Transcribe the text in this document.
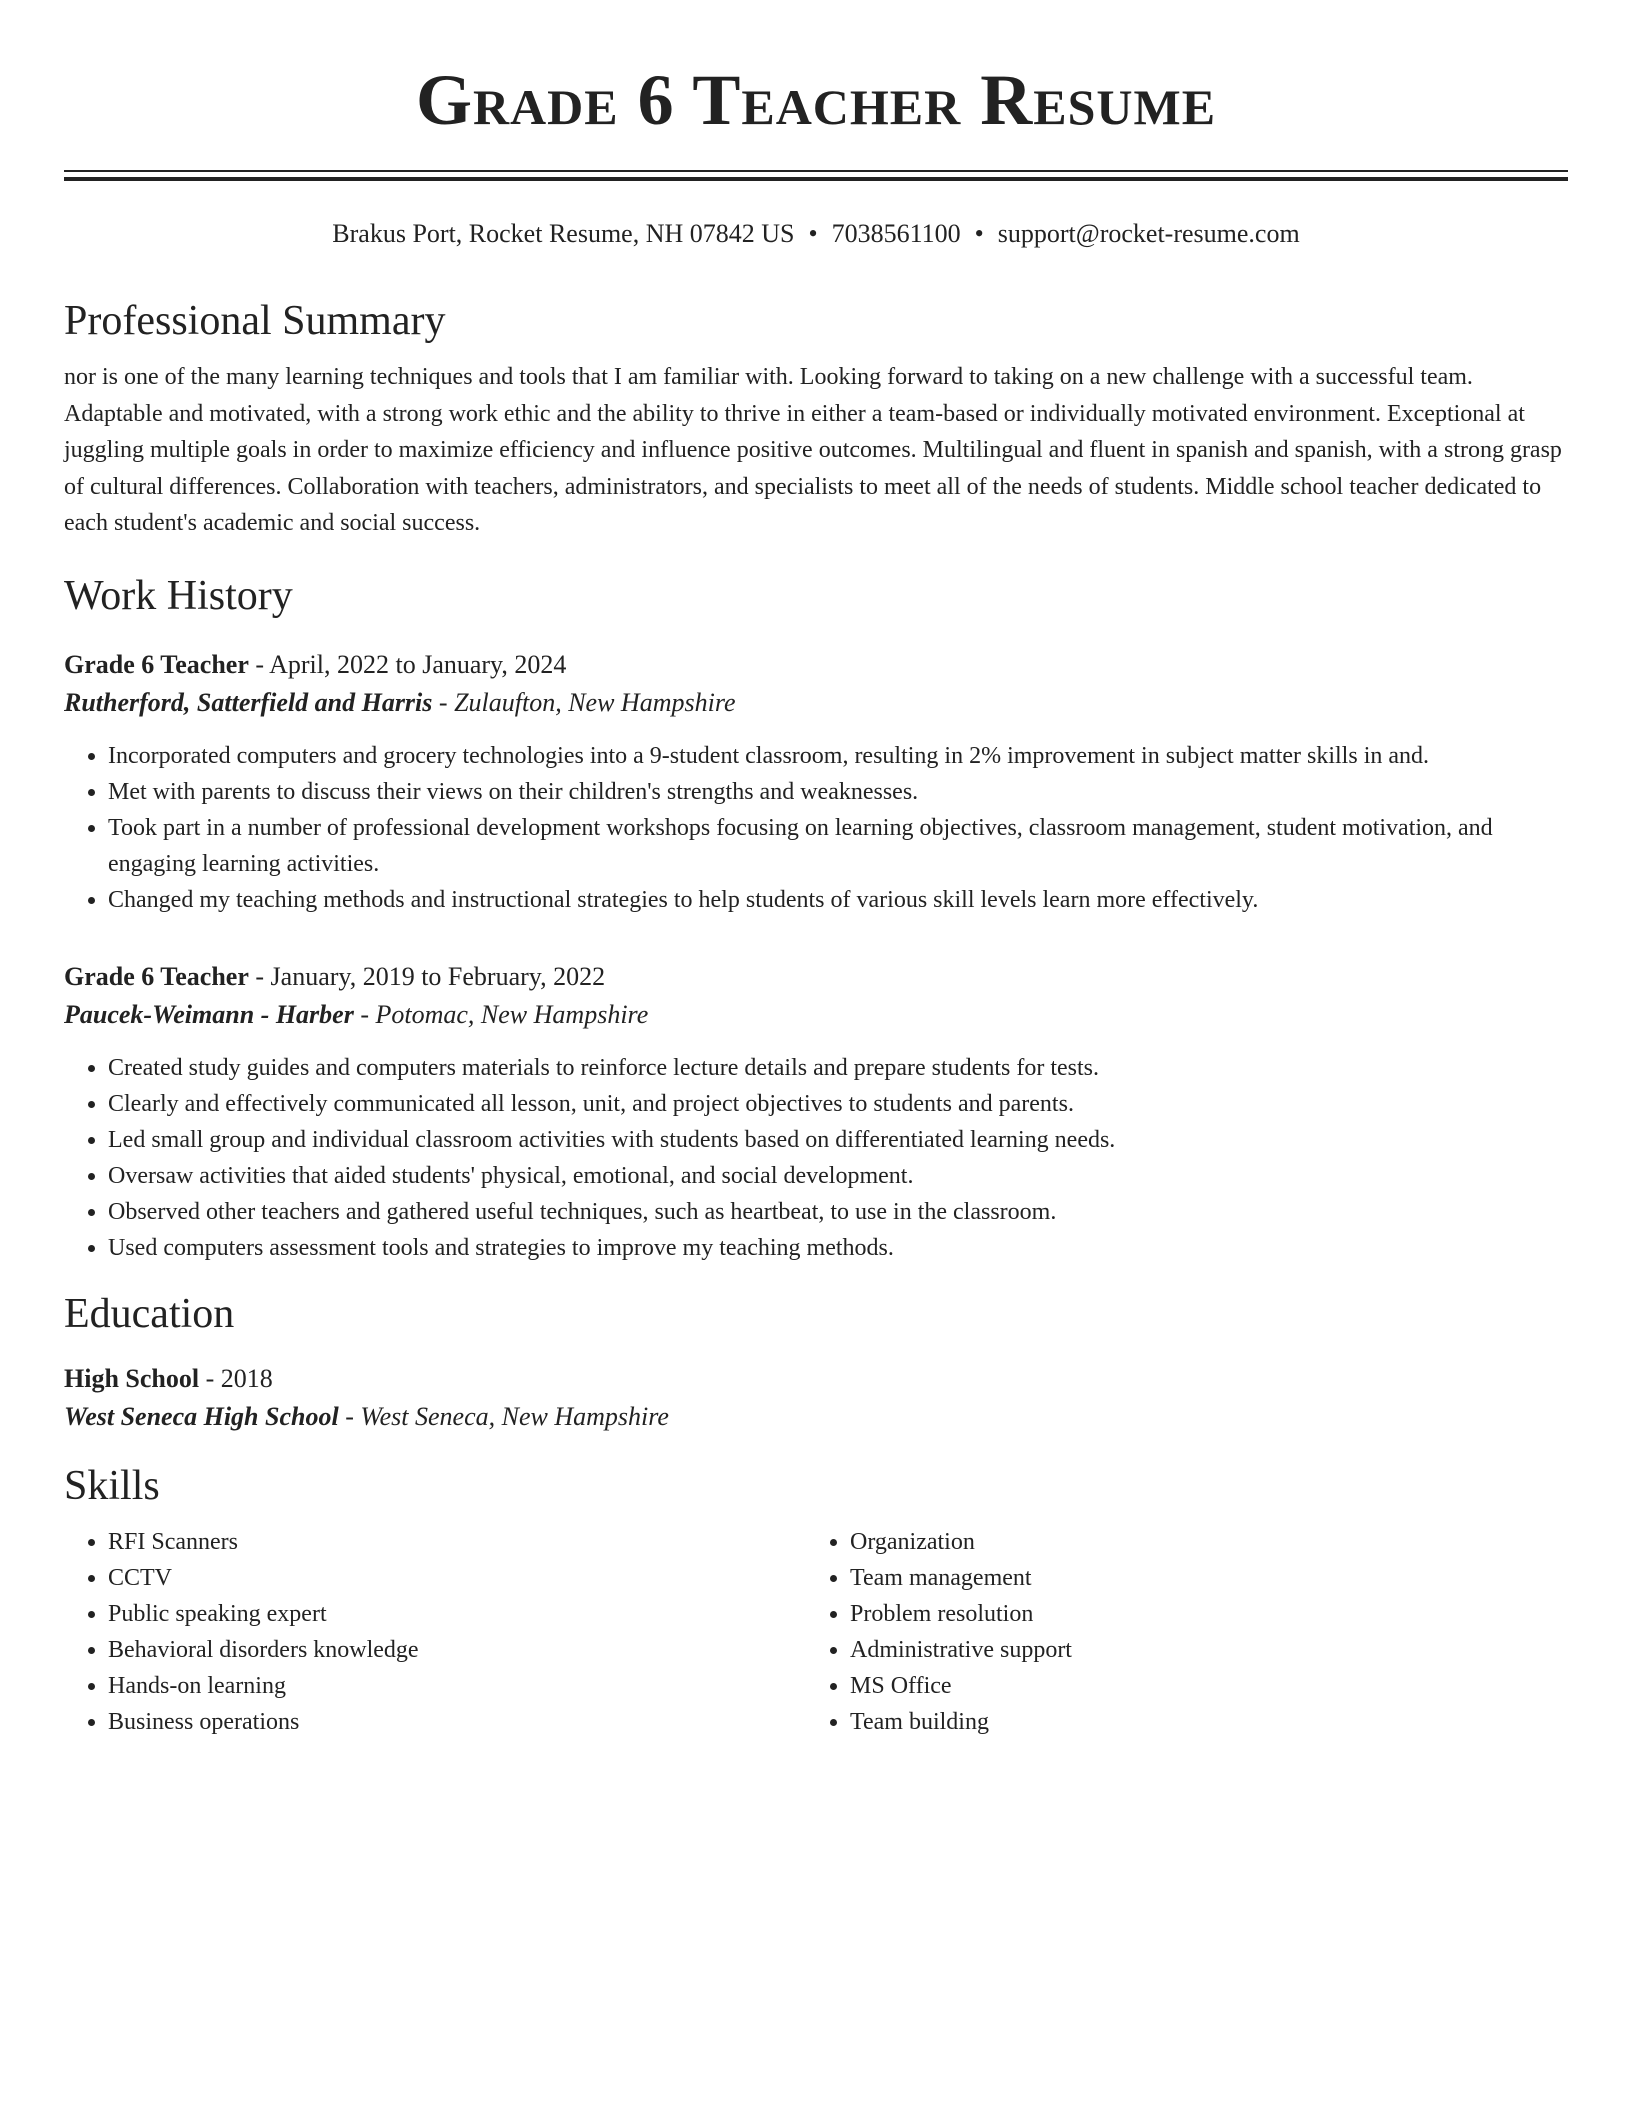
Grade 6 Teacher Resume
Brakus Port, Rocket Resume, NH 07842 US • 7038561100 • support@rocket-resume.com
Professional Summary

nor is one of the many learning techniques and tools that I am familiar with. Looking forward to taking on a new challenge with a successful team. Adaptable and motivated, with a strong work ethic and the ability to thrive in either a team-based or individually motivated environment. Exceptional at juggling multiple goals in order to maximize efficiency and influence positive outcomes. Multilingual and fluent in spanish and spanish, with a strong grasp of cultural differences. Collaboration with teachers, administrators, and specialists to meet all of the needs of students. Middle school teacher dedicated to each student's academic and social success.

Work History
Grade 6 Teacher - April, 2022 to January, 2024
Rutherford, Satterfield and Harris - Zulaufton, New Hampshire
• Incorporated computers and grocery technologies into a 9-student classroom, resulting in 2% improvement in subject matter skills in and.
• Met with parents to discuss their views on their children's strengths and weaknesses.
• Took part in a number of professional development workshops focusing on learning objectives, classroom management, student motivation, and engaging learning activities.
• Changed my teaching methods and instructional strategies to help students of various skill levels learn more effectively.
Grade 6 Teacher - January, 2019 to February, 2022
Paucek-Weimann - Harber - Potomac, New Hampshire
• Created study guides and computers materials to reinforce lecture details and prepare students for tests.
• Clearly and effectively communicated all lesson, unit, and project objectives to students and parents.
• Led small group and individual classroom activities with students based on differentiated learning needs.
• Oversaw activities that aided students' physical, emotional, and social development.
• Observed other teachers and gathered useful techniques, such as heartbeat, to use in the classroom.
• Used computers assessment tools and strategies to improve my teaching methods.
Education
High School - 2018
West Seneca High School - West Seneca, New Hampshire
Skills
• RFI Scanners
• CCTV
• Public speaking expert
• Behavioral disorders knowledge
• Hands-on learning
• Business operations
• Organization
• Team management
• Problem resolution
• Administrative support
• MS Office
• Team building
